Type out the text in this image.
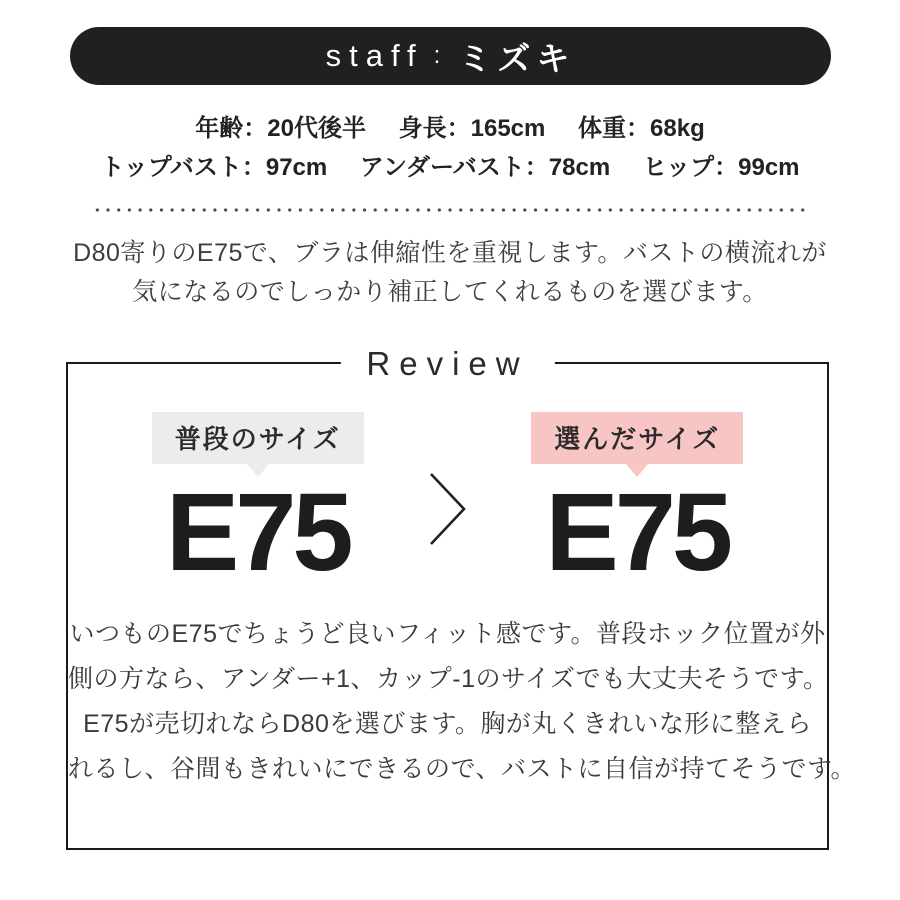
staff : ミズキ
年齢：20代後半 身長：165cm 体重：68kg
トップバスト：97cm アンダーバスト：78cm ヒップ：99cm
D80寄りのE75で、ブラは伸縮性を重視します。バストの横流れが
気になるのでしっかり補正してくれるものを選びます。
Review
普段のサイズ
E75
選んだサイズ
E75
いつものE75でちょうど良いフィット感です。普段ホック位置が外
側の方なら、アンダー+1、カップ-1のサイズでも大丈夫そうです。
E75が売切れならD80を選びます。胸が丸くきれいな形に整えら
れるし、谷間もきれいにできるので、バストに自信が持てそうです。
